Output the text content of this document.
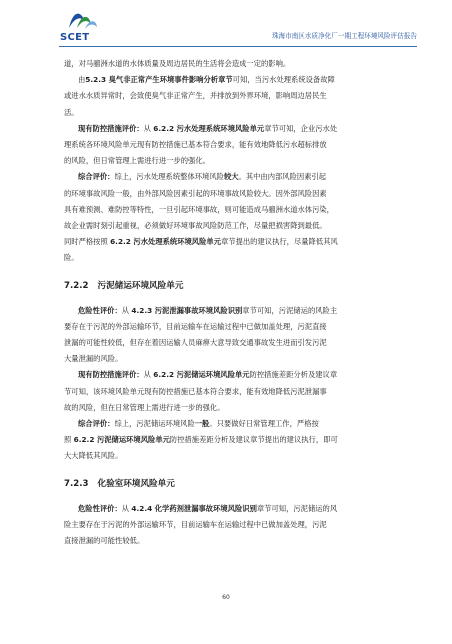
SCET	珠海市南区水质净化厂一期工程环境风险评估报告

道，对马骝洲水道的水体质量及周边居民的生活将会造成一定的影响。

由5.2.3 臭气非正常产生环境事件影响分析章节可知，当污水处理系统设备故障

或进水水质异常时，会致使臭气非正常产生，并排放到外界环境，影响周边居民生

活。

现有防控措施评价：从 6.2.2 污水处理系统环境风险单元章节可知，企业污水处

理系统各环境风险单元现有防控措施已基本符合要求，能有效地降低污水超标排放

的风险，但日常管理上需进行进一步的强化。

综合评价：综上，污水处理系统整体环境风险较大。其中由内部风险因素引起

的环境事故风险一般，由外部风险因素引起的环境事故风险较大。因外部风险因素

具有难预测、难防控等特性，一旦引起环境事故，则可能造成马骝洲水道水体污染，

故企业需时刻引起重视，必须做好环境事故风险防范工作，尽量把损害降到最低。

同时严格按照 6.2.2 污水处理系统环境风险单元章节提出的建议执行，尽量降低其风

险。

7.2.2 污泥储运环境风险单元

危险性评价：从 4.2.3 污泥泄漏事故环境风险识别章节可知，污泥储运的风险主

要存在于污泥的外部运输环节，目前运输车在运输过程中已做加盖处理，污泥直接

泄漏的可能性较低，但存在着因运输人员麻痹大意导致交通事故发生进而引发污泥

大量泄漏的风险。

现有防控措施评价：从 6.2.2 污泥储运环境风险单元防控措施差距分析及建议章

节可知，该环境风险单元现有防控措施已基本符合要求，能有效地降低污泥泄漏事

故的风险，但在日常管理上需进行进一步的强化。

综合评价：综上，污泥储运环境风险一般。只要做好日常管理工作，严格按

照 6.2.2 污泥储运环境风险单元防控措施差距分析及建议章节提出的建议执行，即可

大大降低其风险。

7.2.3 化验室环境风险单元

危险性评价：从 4.2.4 化学药剂泄漏事故环境风险识别章节可知，污泥储运的风

险主要存在于污泥的外部运输环节，目前运输车在运输过程中已做加盖处理，污泥

直接泄漏的可能性较低。

60
